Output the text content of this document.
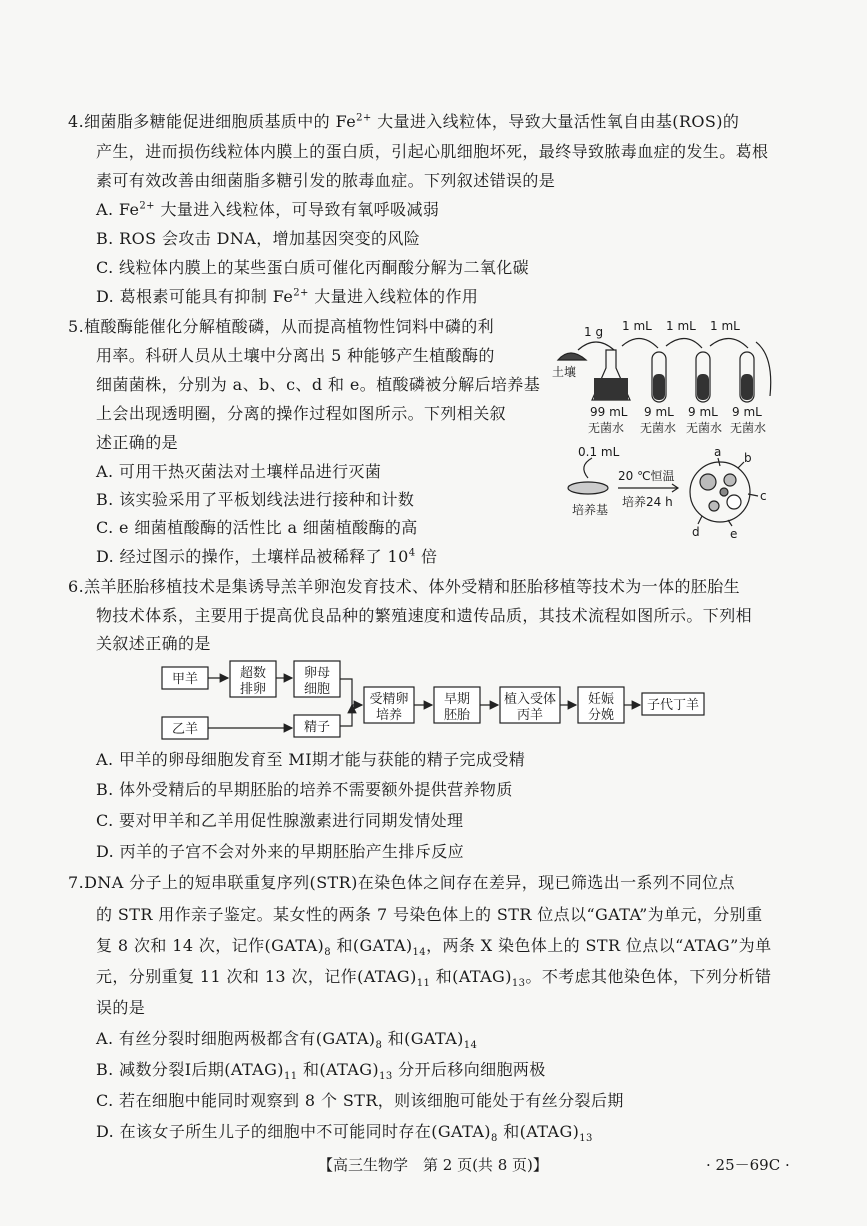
4.细菌脂多糖能促进细胞质基质中的 $Fe^{2+}$ 大量进入线粒体，导致大量活性氧自由基(ROS)的
产生，进而损伤线粒体内膜上的蛋白质，引起心肌细胞坏死，最终导致脓毒血症的发生。葛根
素可有效改善由细菌脂多糖引发的脓毒血症。下列叙述错误的是
A. $Fe^{2+}$ 大量进入线粒体，可导致有氧呼吸减弱
B. ROS 会攻击 DNA，增加基因突变的风险
C. 线粒体内膜上的某些蛋白质可催化丙酮酸分解为二氧化碳
D. 葛根素可能具有抑制 $Fe^{2+}$ 大量进入线粒体的作用
5.植酸酶能催化分解植酸磷，从而提高植物性饲料中磷的利
用率。科研人员从土壤中分离出 5 种能够产生植酸酶的
细菌菌株，分别为 a、b、c、d 和 e。植酸磷被分解后培养基
上会出现透明圈，分离的操作过程如图所示。下列相关叙
述正确的是
A. 可用干热灭菌法对土壤样品进行灭菌
B. 该实验采用了平板划线法进行接种和计数
C. e 细菌植酸酶的活性比 a 细菌植酸酶的高
D. 经过图示的操作，土壤样品被稀释了 $10^4$ 倍
1 g 1 mL 1 mL 1 mL
土壤
99 mL 9 mL 9 mL 9 mL
无菌水 无菌水 无菌水 无菌水
0.1 mL
20 ℃恒温
培养24 h
培养基
a b
c
d	e
6.羔羊胚胎移植技术是集诱导羔羊卵泡发育技术、体外受精和胚胎移植等技术为一体的胚胎生
物技术体系，主要用于提高优良品种的繁殖速度和遗传品质，其技术流程如图所示。下列相
关叙述正确的是
甲羊	超数
排卵
卵母
细胞
乙羊	精子
受精卵
培养
早期
胚胎
植入受体
丙羊
妊娠
分娩
子代丁羊
A. 甲羊的卵母细胞发育至 MⅠ期才能与获能的精子完成受精
B. 体外受精后的早期胚胎的培养不需要额外提供营养物质
C. 要对甲羊和乙羊用促性腺激素进行同期发情处理
D. 丙羊的子宫不会对外来的早期胚胎产生排斥反应
7.DNA 分子上的短串联重复序列(STR)在染色体之间存在差异，现已筛选出一系列不同位点
的 STR 用作亲子鉴定。某女性的两条 7 号染色体上的 STR 位点以“GATA”为单元，分别重
复 8 次和 14 次，记作$(GATA)_8$ 和$(GATA)_{14}$，两条 X 染色体上的 STR 位点以“ATAG”为单
元，分别重复 11 次和 13 次，记作$(ATAG)_{11}$ 和$(ATAG)_{13}$。不考虑其他染色体，下列分析错
误的是
A. 有丝分裂时细胞两极都含有$(GATA)_8$ 和$(GATA)_{14}$
B. 减数分裂Ⅰ后期$(ATAG)_{11}$ 和$(ATAG)_{13}$ 分开后移向细胞两极
C. 若在细胞中能同时观察到 8 个 STR，则该细胞可能处于有丝分裂后期
D. 在该女子所生儿子的细胞中不可能同时存在$(GATA)_8$ 和$(ATAG)_{13}$
【高三生物学　第 2 页(共 8 页)】	· 25－69C ·
